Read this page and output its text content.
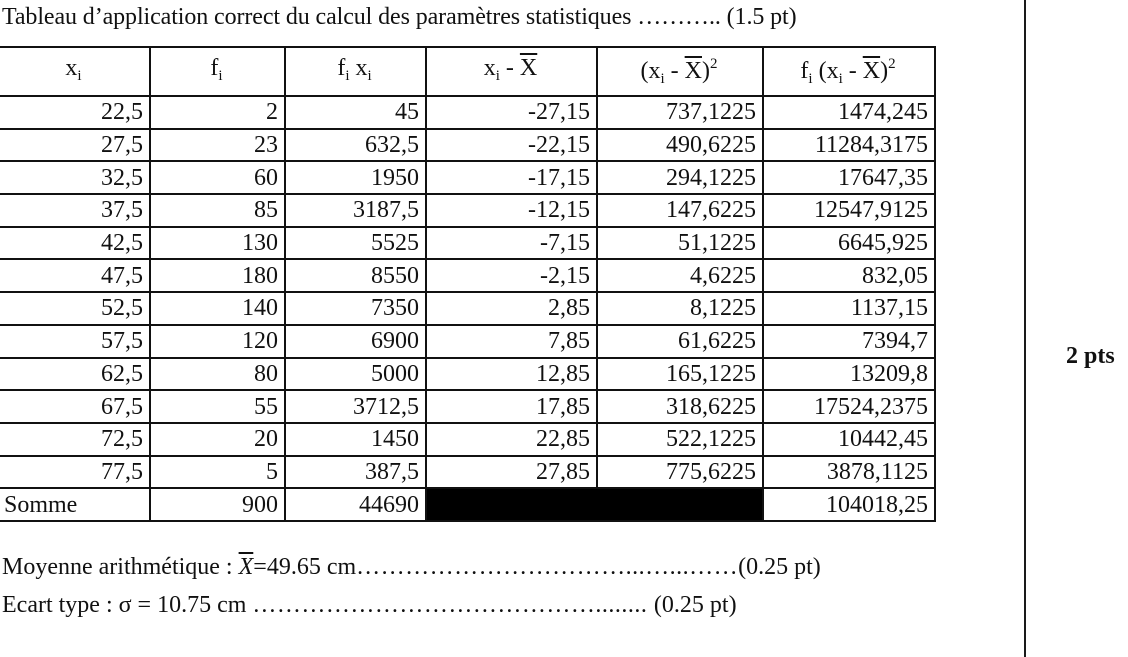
Tableau d’application correct du calcul des paramètres statistiques ……….. (1.5 pt)
2 pts
$x_i$	$f_i$	$f_i$ $x_i$	$x_i - \overline{X}$	$(x_i - \overline{X})^2$	$f_i$ $(x_i - \overline{X})^2$
22,5	2	45	-27,15	737,1225	1474,245
27,5	23	632,5	-22,15	490,6225	11284,3175
32,5	60	1950	-17,15	294,1225	17647,35
37,5	85	3187,5	-12,15	147,6225	12547,9125
42,5	130	5525	-7,15	51,1225	6645,925
47,5	180	8550	-2,15	4,6225	832,05
52,5	140	7350	2,85	8,1225	1137,15
57,5	120	6900	7,85	61,6225	7394,7
62,5	80	5000	12,85	165,1225	13209,8
67,5	55	3712,5	17,85	318,6225	17524,2375
72,5	20	1450	22,85	522,1225	10442,45
77,5	5	387,5	27,85	775,6225	3878,1125
Somme	900	44690			104018,25
Moyenne arithmétique : $\overline{X}=49.65$ cm……………………………...…...……(0.25 pt)
Ecart type : σ = 10.75 cm ……………………………………........ (0.25 pt)
